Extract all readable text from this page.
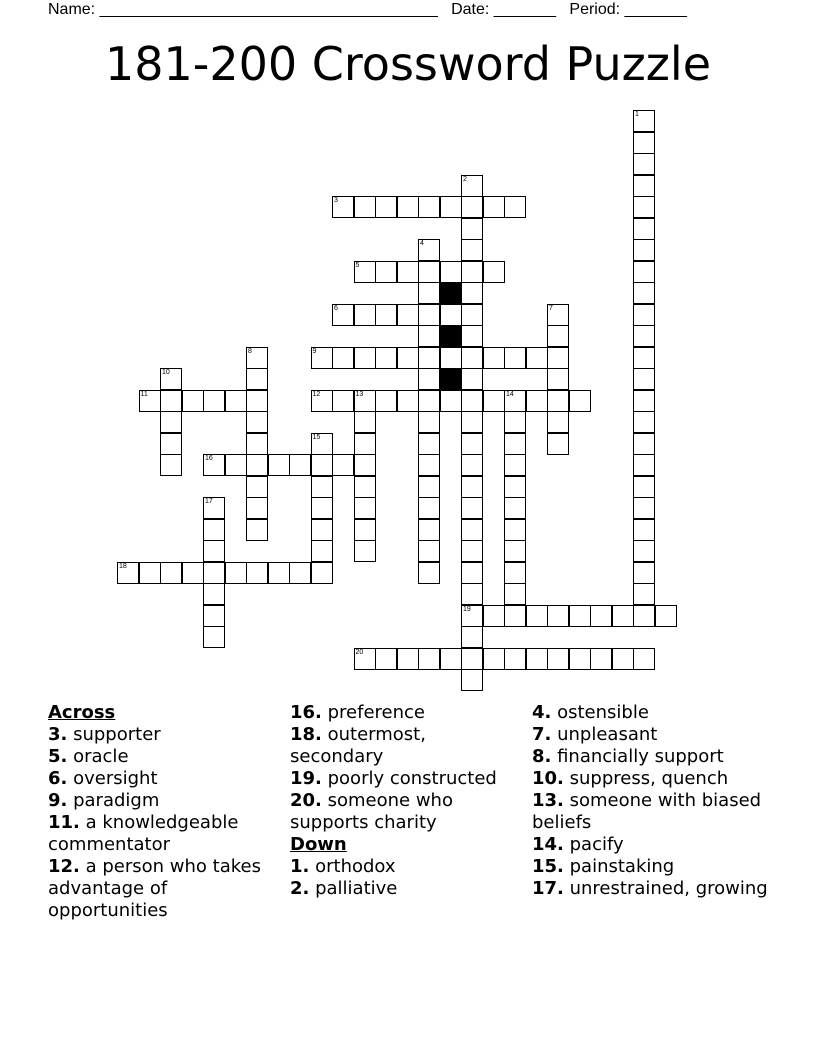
Name: ______________________________________ Date: _______ Period: _______
181-200 Crossword Puzzle
1
2
3
4
5
6	7
8	9
10
11	12	13	14
15
16
17
18
19
20
Across
3. supporter
5. oracle
6. oversight
9. paradigm
11. a knowledgeable commentator
12. a person who takes advantage of opportunities
16. preference
18. outermost, secondary
19. poorly constructed
20. someone who supports charity
Down
1. orthodox
2. palliative
4. ostensible
7. unpleasant
8. financially support
10. suppress, quench
13. someone with biased beliefs
14. pacify
15. painstaking
17. unrestrained, growing
